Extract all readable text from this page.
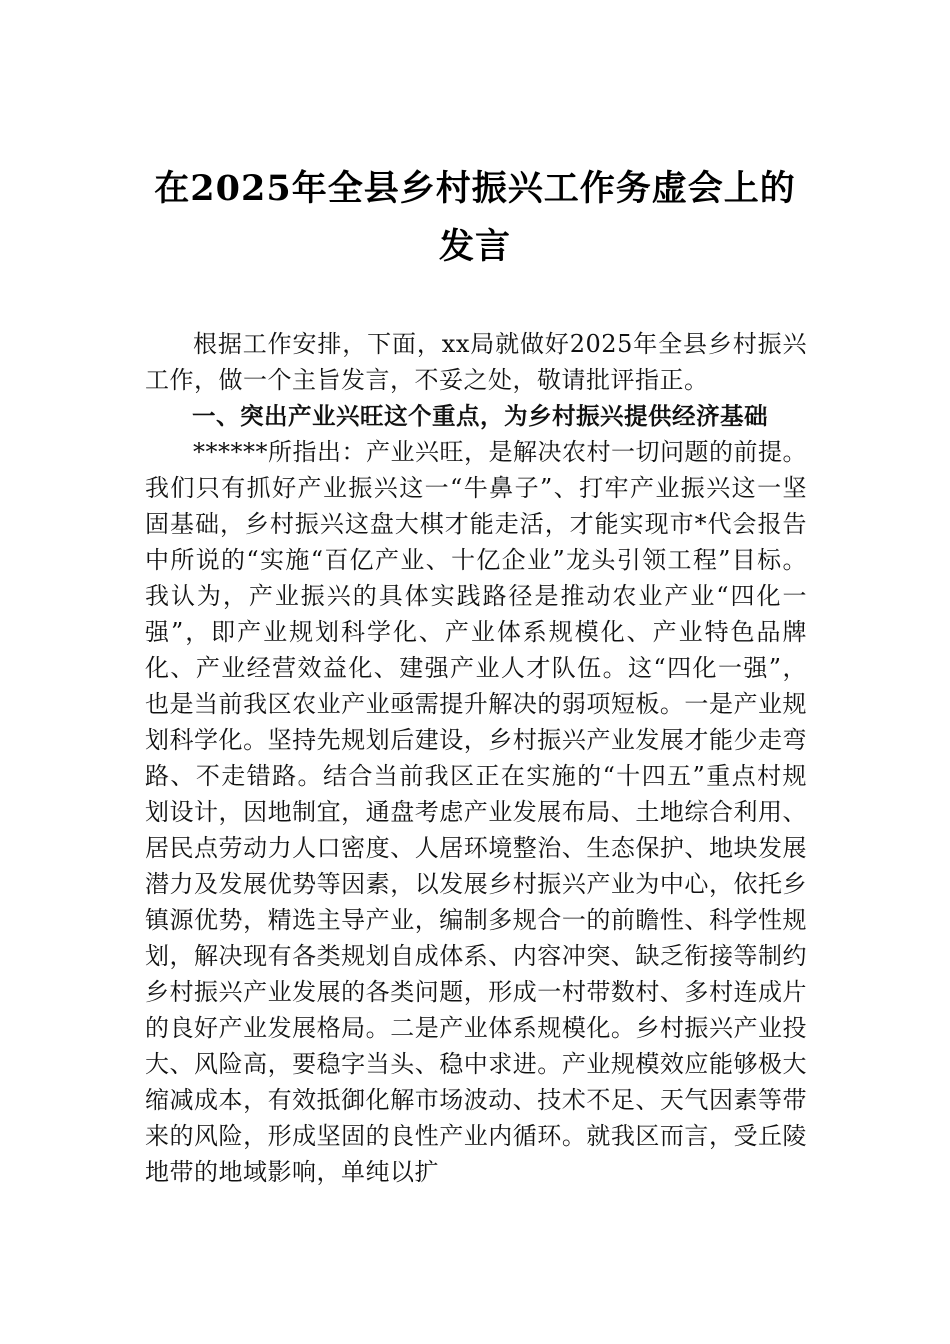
在2025年全县乡村振兴工作务虚会上的发言

根据工作安排，下面，xx局就做好2025年全县乡村振兴工作，做一个主旨发言，不妥之处，敬请批评指正。

一、突出产业兴旺这个重点，为乡村振兴提供经济基础

******所指出：产业兴旺，是解决农村一切问题的前提。我们只有抓好产业振兴这一“牛鼻子”、打牢产业振兴这一坚固基础，乡村振兴这盘大棋才能走活，才能实现市*代会报告中所说的“实施“百亿产业、十亿企业”龙头引领工程”目标。我认为，产业振兴的具体实践路径是推动农业产业“四化一强”，即产业规划科学化、产业体系规模化、产业特色品牌化、产业经营效益化、建强产业人才队伍。这“四化一强”，也是当前我区农业产业亟需提升解决的弱项短板。一是产业规划科学化。坚持先规划后建设，乡村振兴产业发展才能少走弯路、不走错路。结合当前我区正在实施的“十四五”重点村规划设计，因地制宜，通盘考虑产业发展布局、土地综合利用、居民点劳动力人口密度、人居环境整治、生态保护、地块发展潜力及发展优势等因素，以发展乡村振兴产业为中心，依托乡镇源优势，精选主导产业，编制多规合一的前瞻性、科学性规划，解决现有各类规划自成体系、内容冲突、缺乏衔接等制约乡村振兴产业发展的各类问题，形成一村带数村、多村连成片的良好产业发展格局。二是产业体系规模化。乡村振兴产业投大、风险高，要稳字当头、稳中求进。产业规模效应能够极大缩减成本，有效抵御化解市场波动、技术不足、天气因素等带来的风险，形成坚固的良性产业内循环。就我区而言，受丘陵地带的地域影响，单纯以扩
